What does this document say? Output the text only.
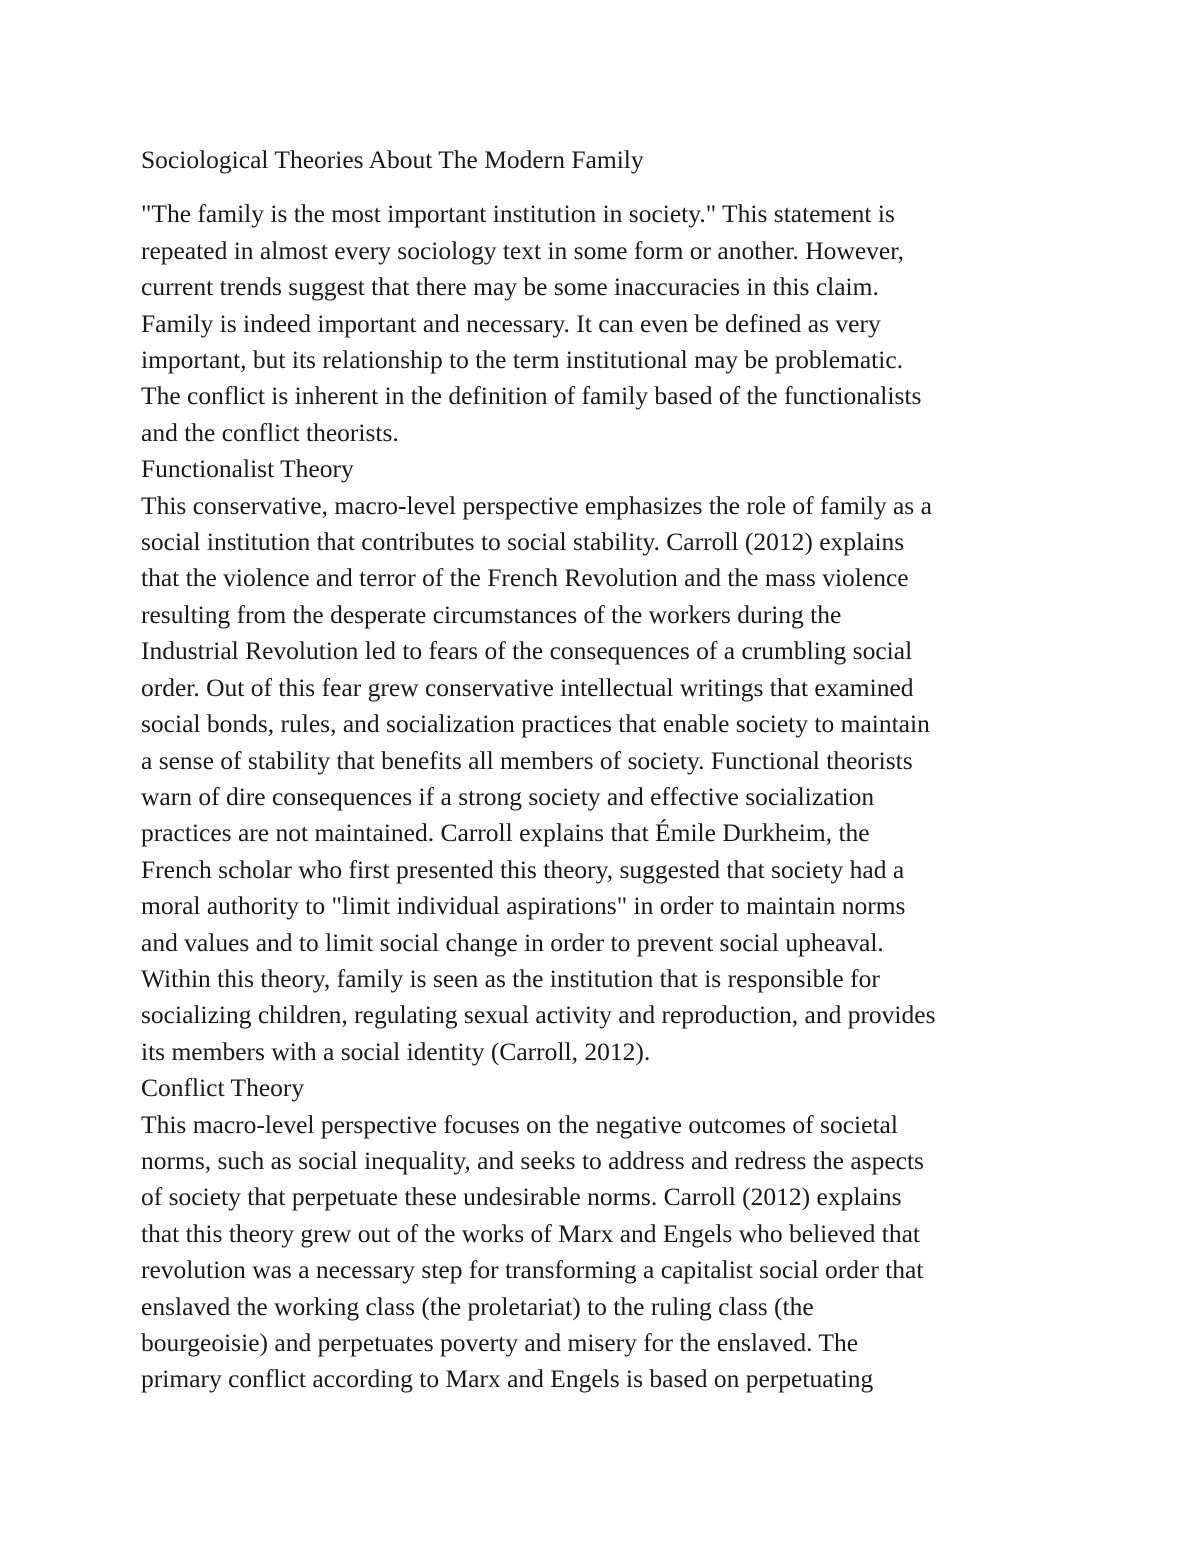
Sociological Theories About The Modern Family

"The family is the most important institution in society." This statement is
repeated in almost every sociology text in some form or another. However,
current trends suggest that there may be some inaccuracies in this claim.
Family is indeed important and necessary. It can even be defined as very
important, but its relationship to the term institutional may be problematic.
The conflict is inherent in the definition of family based of the functionalists
and the conflict theorists.

Functionalist Theory

This conservative, macro-level perspective emphasizes the role of family as a
social institution that contributes to social stability. Carroll (2012) explains
that the violence and terror of the French Revolution and the mass violence
resulting from the desperate circumstances of the workers during the
Industrial Revolution led to fears of the consequences of a crumbling social
order. Out of this fear grew conservative intellectual writings that examined
social bonds, rules, and socialization practices that enable society to maintain
a sense of stability that benefits all members of society. Functional theorists
warn of dire consequences if a strong society and effective socialization
practices are not maintained. Carroll explains that Émile Durkheim, the
French scholar who first presented this theory, suggested that society had a
moral authority to "limit individual aspirations" in order to maintain norms
and values and to limit social change in order to prevent social upheaval.
Within this theory, family is seen as the institution that is responsible for
socializing children, regulating sexual activity and reproduction, and provides
its members with a social identity (Carroll, 2012).

Conflict Theory

This macro-level perspective focuses on the negative outcomes of societal
norms, such as social inequality, and seeks to address and redress the aspects
of society that perpetuate these undesirable norms. Carroll (2012) explains
that this theory grew out of the works of Marx and Engels who believed that
revolution was a necessary step for transforming a capitalist social order that
enslaved the working class (the proletariat) to the ruling class (the
bourgeoisie) and perpetuates poverty and misery for the enslaved. The
primary conflict according to Marx and Engels is based on perpetuating
